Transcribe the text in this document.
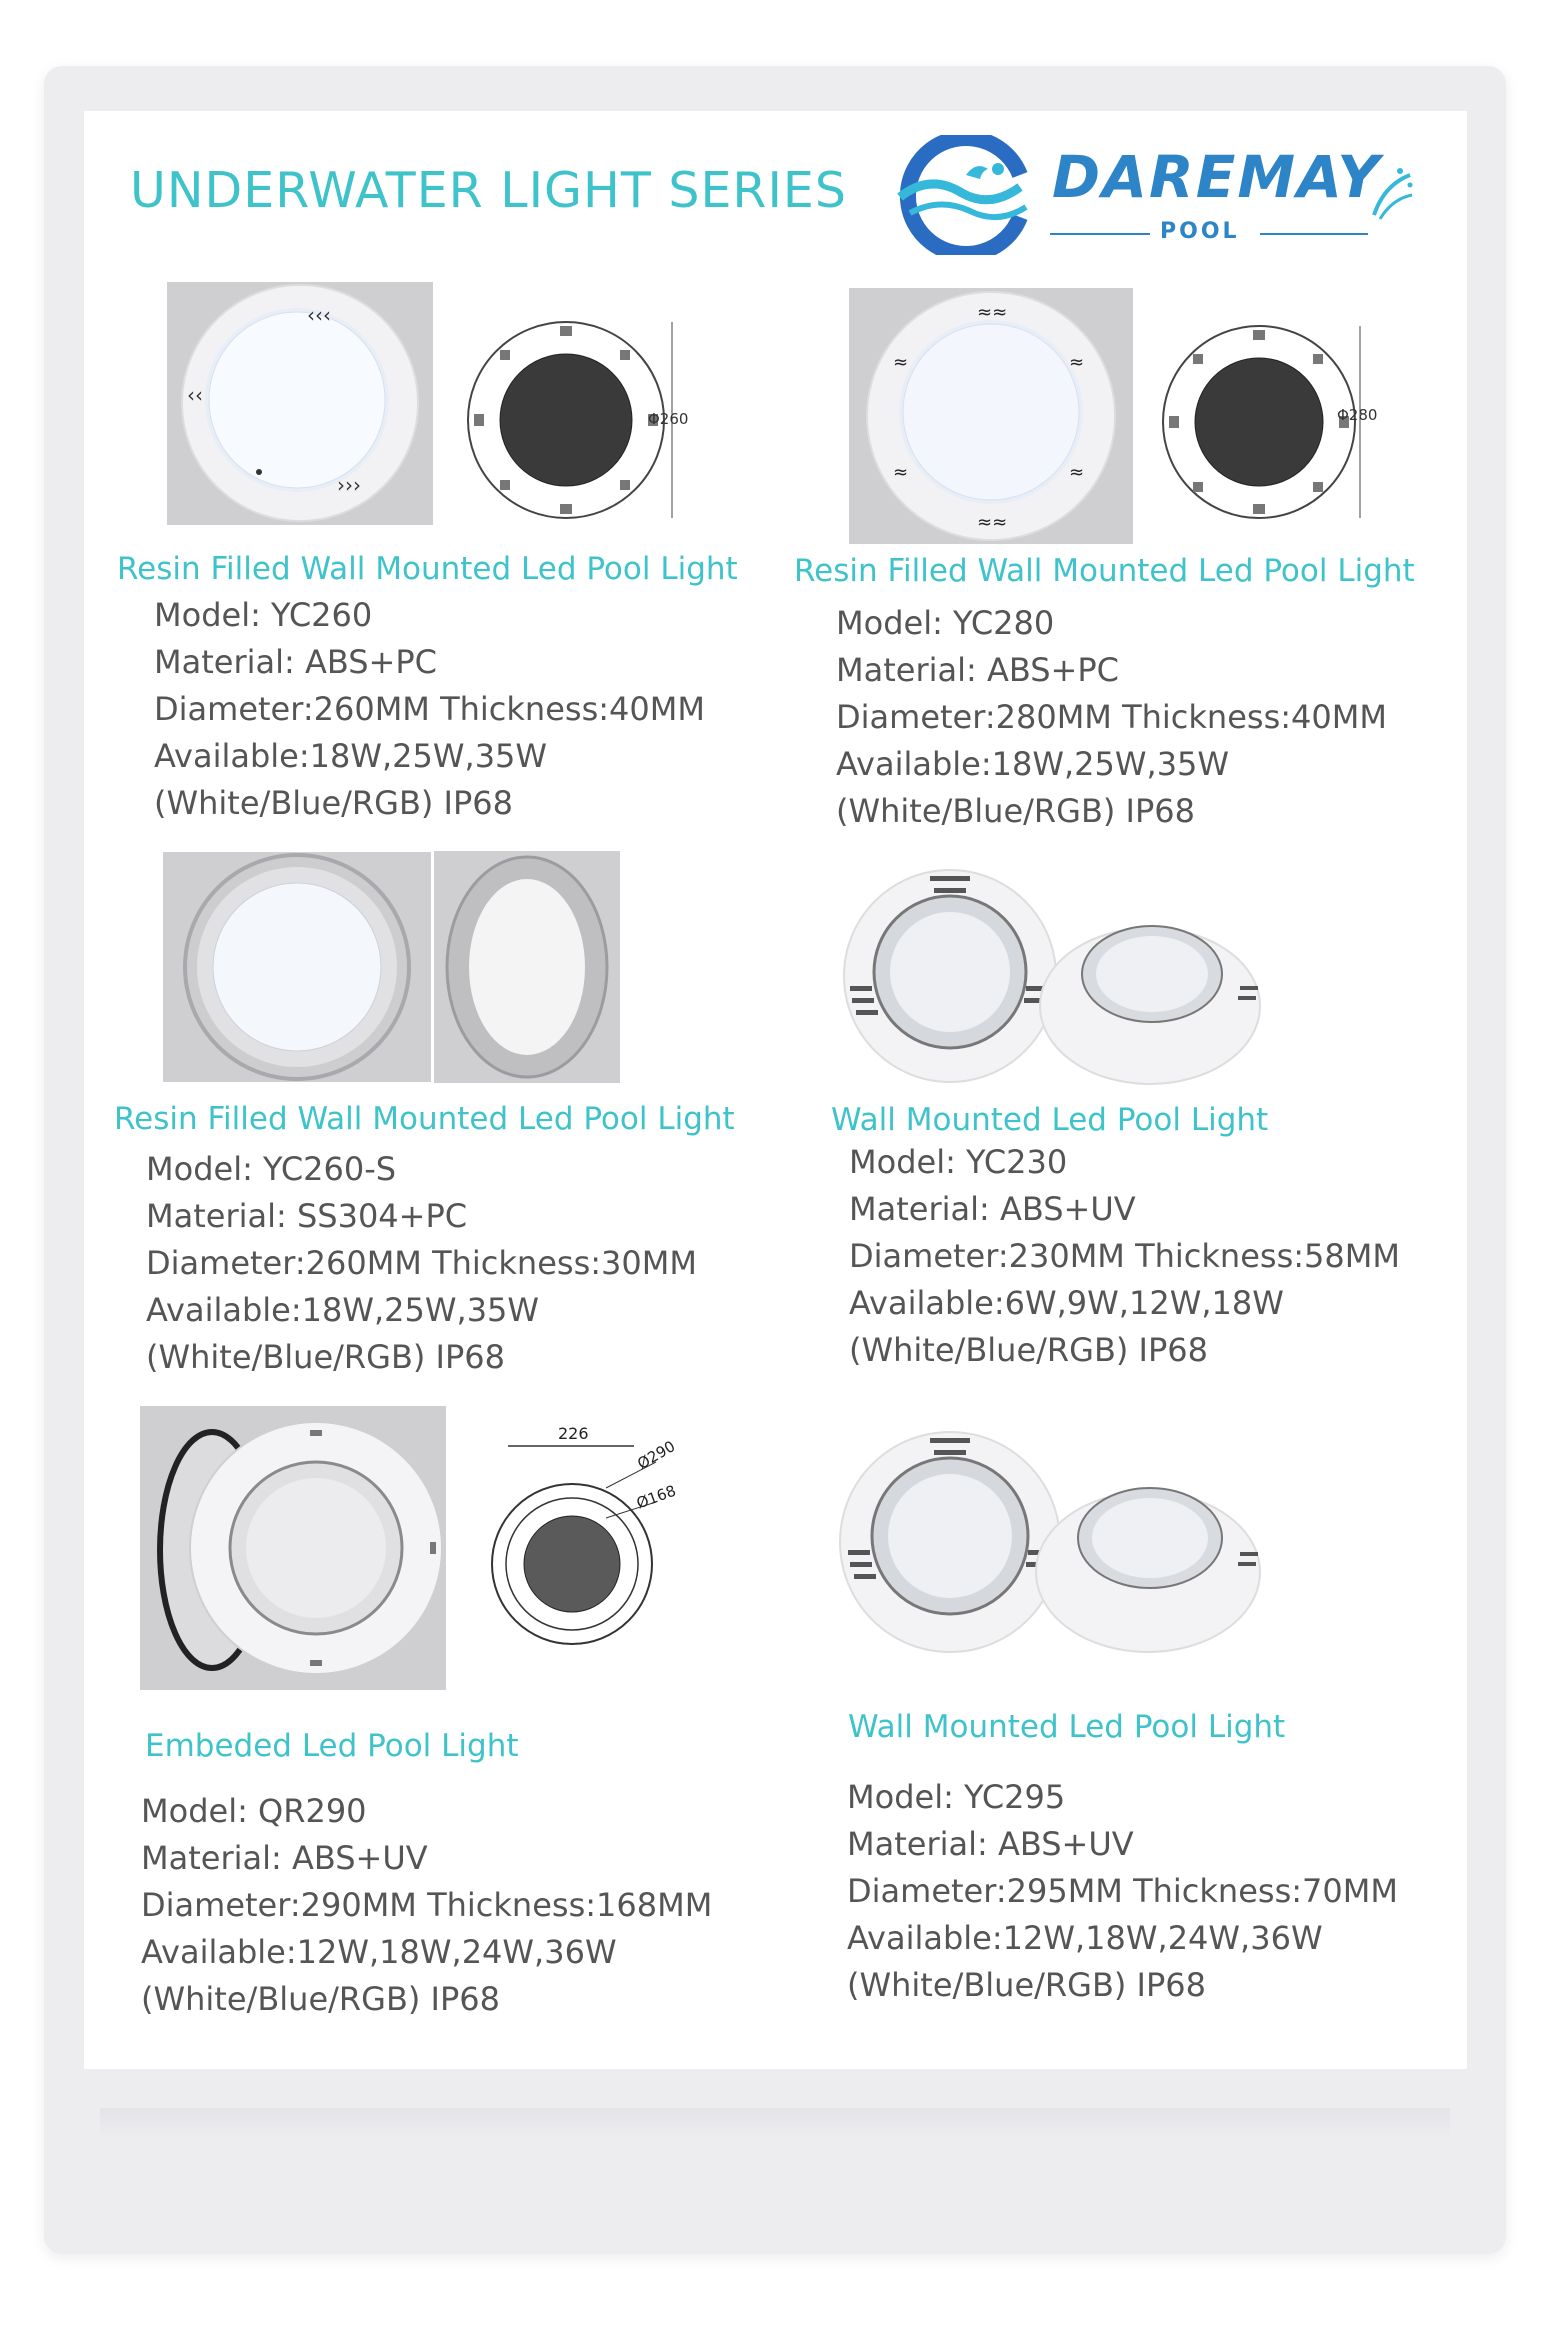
UNDERWATER LIGHT SERIES	DAREMAY
POOL
‹‹‹
‹‹
›››
Φ260
≈≈
≈≈
≈	≈
≈	≈
Φ280
Resin Filled Wall Mounted Led Pool Light
Model: YC260
Material: ABS+PC
Diameter:260MM Thickness:40MM
Available:18W,25W,35W
(White/Blue/RGB) IP68
Resin Filled Wall Mounted Led Pool Light
Model: YC280
Material: ABS+PC
Diameter:280MM Thickness:40MM
Available:18W,25W,35W
(White/Blue/RGB) IP68
Resin Filled Wall Mounted Led Pool Light
Model: YC260-S
Material: SS304+PC
Diameter:260MM Thickness:30MM
Available:18W,25W,35W
(White/Blue/RGB) IP68
Wall Mounted Led Pool Light
Model: YC230
Material: ABS+UV
Diameter:230MM Thickness:58MM
Available:6W,9W,12W,18W
(White/Blue/RGB) IP68
226
Ø290
Ø168
Embeded Led Pool Light
Model: QR290
Material: ABS+UV
Diameter:290MM Thickness:168MM
Available:12W,18W,24W,36W
(White/Blue/RGB) IP68
Wall Mounted Led Pool Light
Model: YC295
Material: ABS+UV
Diameter:295MM Thickness:70MM
Available:12W,18W,24W,36W
(White/Blue/RGB) IP68
